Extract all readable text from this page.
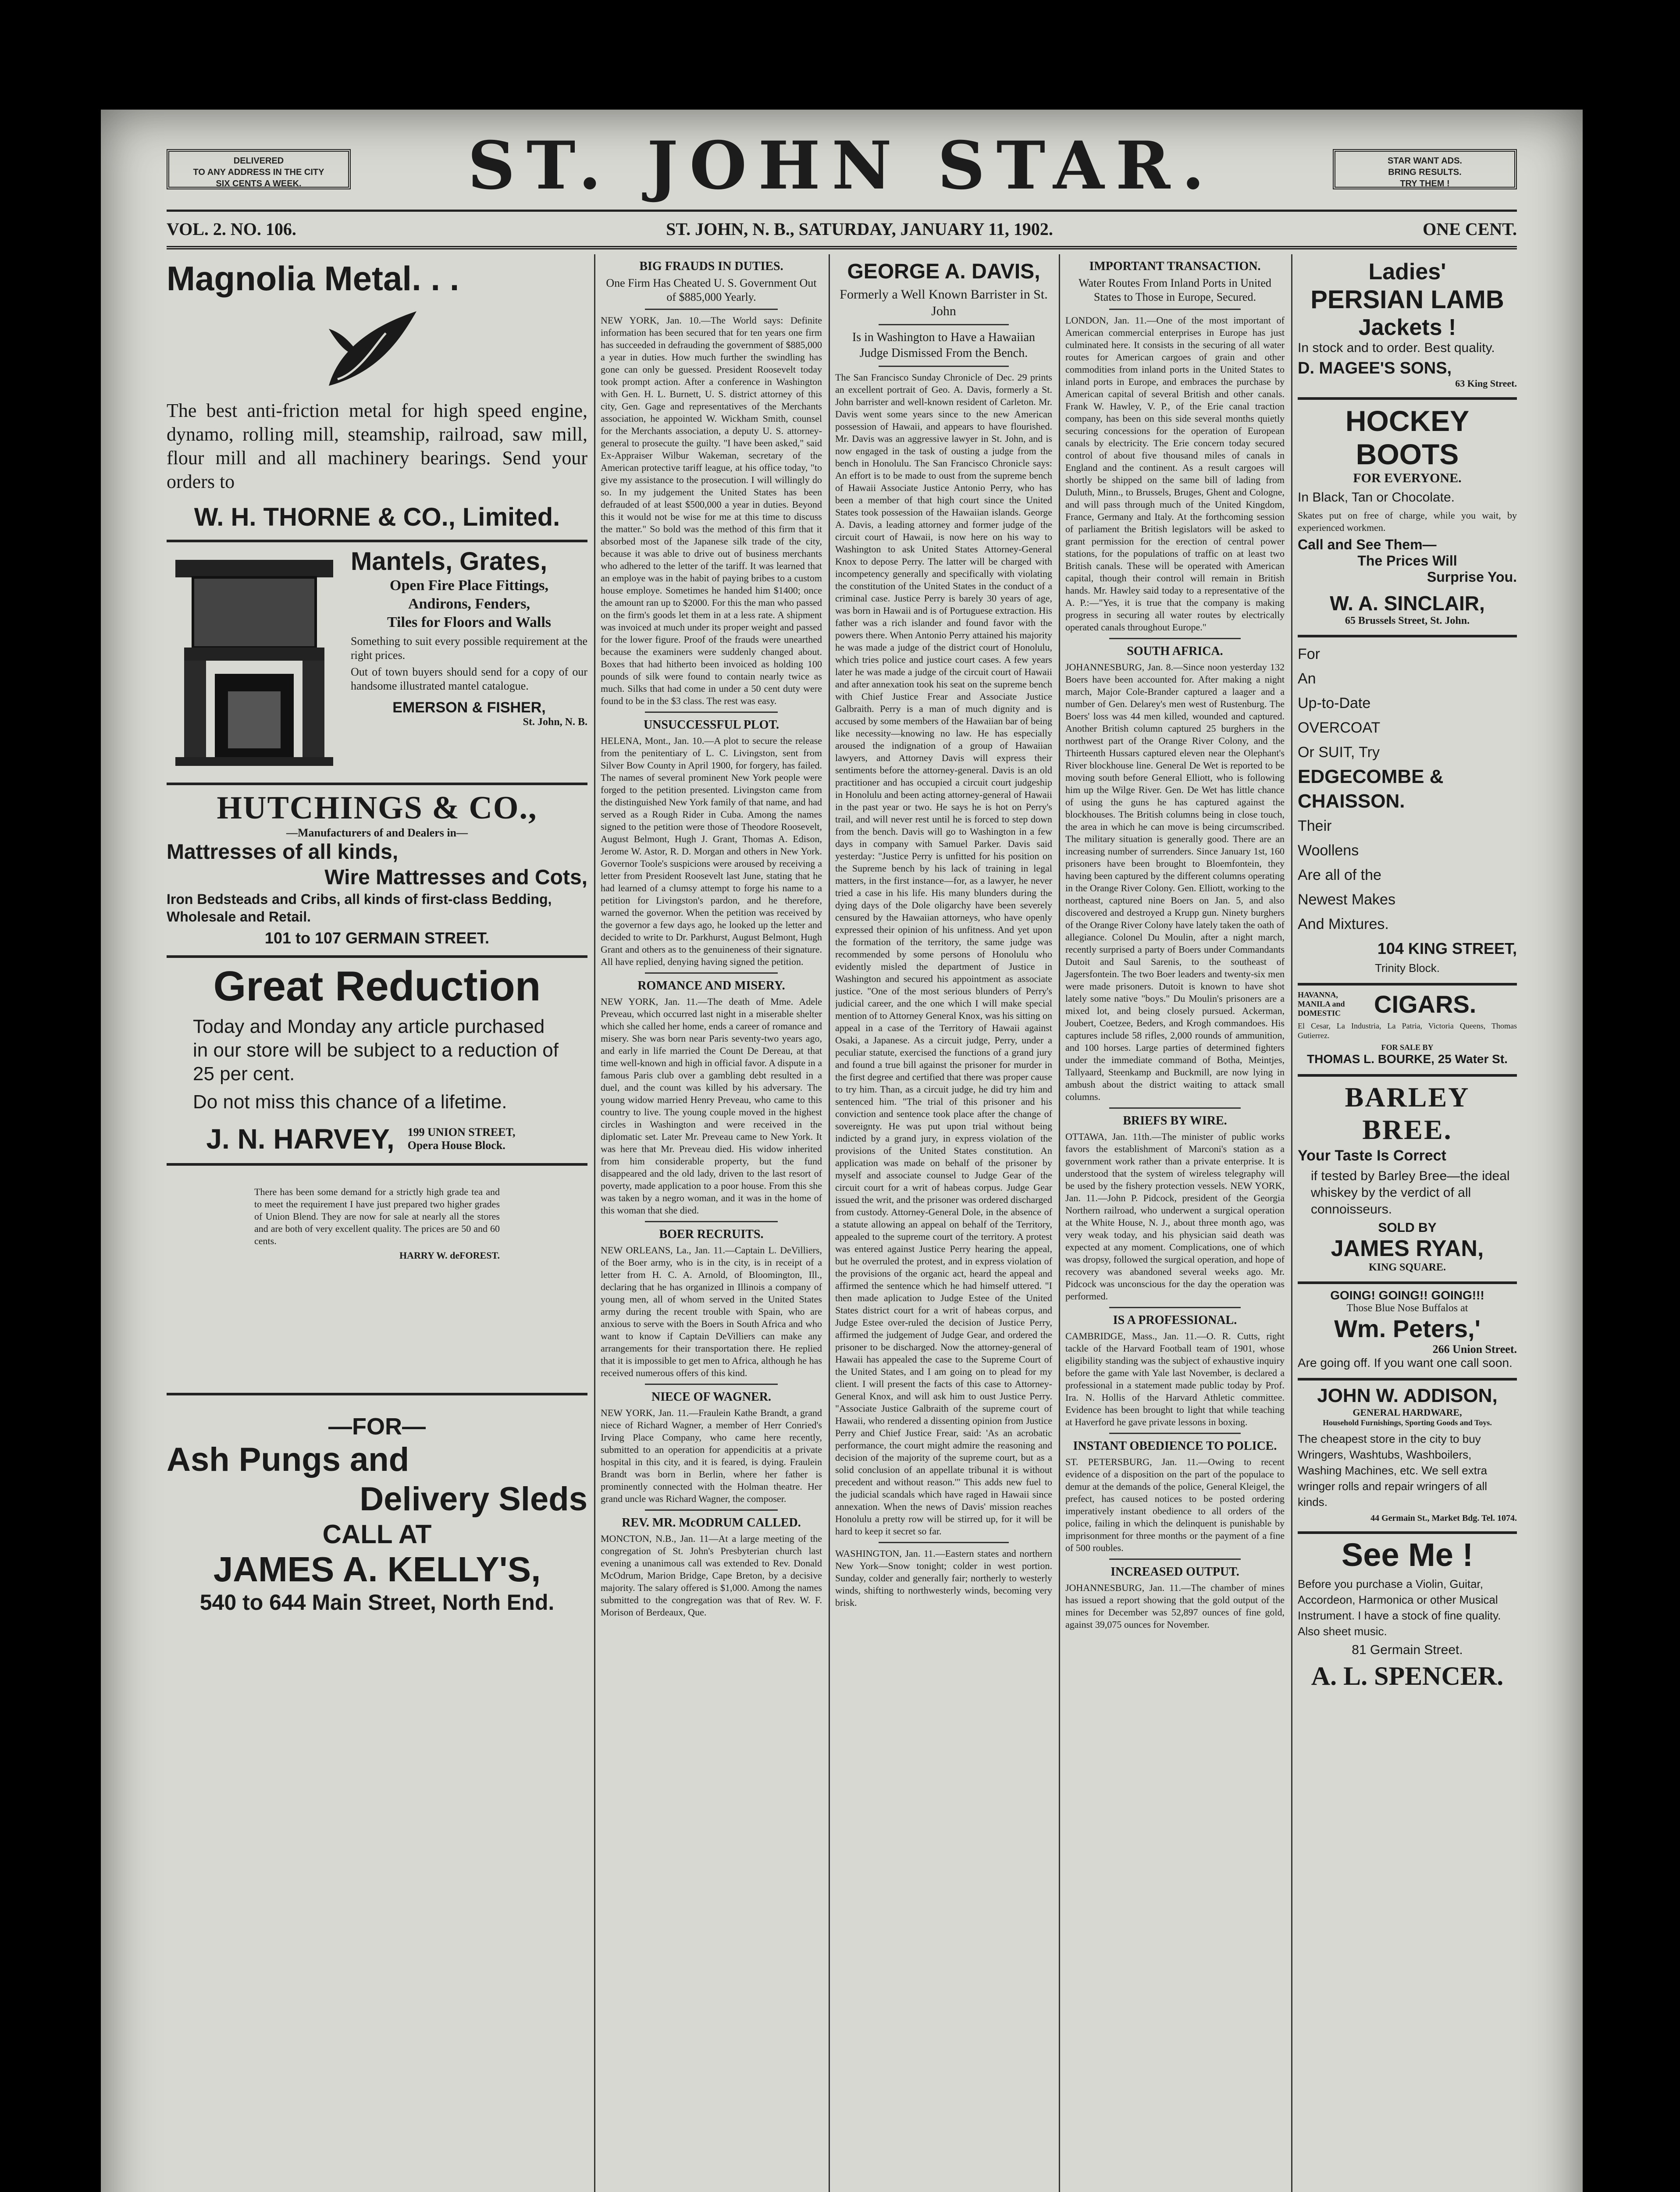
DELIVERED
TO ANY ADDRESS IN THE CITY
SIX CENTS A WEEK.	ST. JOHN STAR.	STAR WANT ADS.
BRING RESULTS.
TRY THEM !
VOL. 2. NO. 106.	ST. JOHN, N. B., SATURDAY, JANUARY 11, 1902.	ONE CENT.
Magnolia Metal. . .
The best anti-friction metal for high speed engine, dynamo, rolling mill, steamship, railroad, saw mill, flour mill and all machinery bearings. Send your orders to
W. H. THORNE & CO., Limited.
Mantels, Grates,
Open Fire Place Fittings,
Andirons, Fenders,
Tiles for Floors and Walls
Something to suit every possible requirement at the right prices.
Out of town buyers should send for a copy of our handsome illustrated mantel catalogue.
EMERSON & FISHER,
St. John, N. B.
HUTCHINGS & CO.,
—Manufacturers of and Dealers in—
Mattresses of all kinds,
Wire Mattresses and Cots,
Iron Bedsteads and Cribs, all kinds of first-class Bedding, Wholesale and Retail.
101 to 107 GERMAIN STREET.
Great Reduction
Today and Monday any article purchased in our store will be subject to a reduction of 25 per cent.
Do not miss this chance of a lifetime.
J. N. HARVEY, 199 UNION STREET, Opera House Block.
There has been some demand for a strictly high grade tea and to meet the requirement I have just prepared two higher grades of Union Blend. They are now for sale at nearly all the stores and are both of very excellent quality. The prices are 50 and 60 cents.
HARRY W. deFOREST.
—FOR—
Ash Pungs and
Delivery Sleds
CALL AT
JAMES A. KELLY'S,
540 to 644 Main Street, North End.
BIG FRAUDS IN DUTIES.
One Firm Has Cheated U. S. Government Out of $885,000 Yearly.
NEW YORK, Jan. 10.—The World says: Definite information has been secured that for ten years one firm has succeeded in defrauding the government of $885,000 a year in duties. How much further the swindling has gone can only be guessed. President Roosevelt today took prompt action. After a conference in Washington with Gen. H. L. Burnett, U. S. district attorney of this city, Gen. Gage and representatives of the Merchants association, he appointed W. Wickham Smith, counsel for the Merchants association, a deputy U. S. attorney-general to prosecute the guilty. "I have been asked," said Ex-Appraiser Wilbur Wakeman, secretary of the American protective tariff league, at his office today, "to give my assistance to the prosecution. I will willingly do so. In my judgement the United States has been defrauded of at least $500,000 a year in duties. Beyond this it would not be wise for me at this time to discuss the matter." So bold was the method of this firm that it absorbed most of the Japanese silk trade of the city, because it was able to drive out of business merchants who adhered to the letter of the tariff. It was learned that an employe was in the habit of paying bribes to a custom house employe. Sometimes he handed him $1400; once the amount ran up to $2000. For this the man who passed on the firm's goods let them in at a less rate. A shipment was invoiced at much under its proper weight and passed for the lower figure. Proof of the frauds were unearthed because the examiners were suddenly changed about. Boxes that had hitherto been invoiced as holding 100 pounds of silk were found to contain nearly twice as much. Silks that had come in under a 50 cent duty were found to be in the $3 class. The rest was easy.
UNSUCCESSFUL PLOT.
HELENA, Mont., Jan. 10.—A plot to secure the release from the penitentiary of L. C. Livingston, sent from Silver Bow County in April 1900, for forgery, has failed. The names of several prominent New York people were forged to the petition presented. Livingston came from the distinguished New York family of that name, and had served as a Rough Rider in Cuba. Among the names signed to the petition were those of Theodore Roosevelt, August Belmont, Hugh J. Grant, Thomas A. Edison, Jerome W. Astor, R. D. Morgan and others in New York. Governor Toole's suspicions were aroused by receiving a letter from President Roosevelt last June, stating that he had learned of a clumsy attempt to forge his name to a petition for Livingston's pardon, and he therefore, warned the governor. When the petition was received by the governor a few days ago, he looked up the letter and decided to write to Dr. Parkhurst, August Belmont, Hugh Grant and others as to the genuineness of their signature. All have replied, denying having signed the petition.
ROMANCE AND MISERY.
NEW YORK, Jan. 11.—The death of Mme. Adele Preveau, which occurred last night in a miserable shelter which she called her home, ends a career of romance and misery. She was born near Paris seventy-two years ago, and early in life married the Count De Dereau, at that time well-known and high in official favor. A dispute in a famous Paris club over a gambling debt resulted in a duel, and the count was killed by his adversary. The young widow married Henry Preveau, who came to this country to live. The young couple moved in the highest circles in Washington and were received in the diplomatic set. Later Mr. Preveau came to New York. It was here that Mr. Preveau died. His widow inherited from him considerable property, but the fund disappeared and the old lady, driven to the last resort of poverty, made application to a poor house. From this she was taken by a negro woman, and it was in the home of this woman that she died.
BOER RECRUITS.
NEW ORLEANS, La., Jan. 11.—Captain L. DeVilliers, of the Boer army, who is in the city, is in receipt of a letter from H. C. A. Arnold, of Bloomington, Ill., declaring that he has organized in Illinois a company of young men, all of whom served in the United States army during the recent trouble with Spain, who are anxious to serve with the Boers in South Africa and who want to know if Captain DeVilliers can make any arrangements for their transportation there. He replied that it is impossible to get men to Africa, although he has received numerous offers of this kind.
NIECE OF WAGNER.
NEW YORK, Jan. 11.—Fraulein Kathe Brandt, a grand niece of Richard Wagner, a member of Herr Conried's Irving Place Company, who came here recently, submitted to an operation for appendicitis at a private hospital in this city, and it is feared, is dying. Fraulein Brandt was born in Berlin, where her father is prominently connected with the Holman theatre. Her grand uncle was Richard Wagner, the composer.
REV. MR. McODRUM CALLED.
MONCTON, N.B., Jan. 11—At a large meeting of the congregation of St. John's Presbyterian church last evening a unanimous call was extended to Rev. Donald McOdrum, Marion Bridge, Cape Breton, by a decisive majority. The salary offered is $1,000. Among the names submitted to the congregation was that of Rev. W. F. Morison of Berdeaux, Que.
GEORGE A. DAVIS,
Formerly a Well Known Barrister in St. John
Is in Washington to Have a Hawaiian Judge Dismissed From the Bench.
The San Francisco Sunday Chronicle of Dec. 29 prints an excellent portrait of Geo. A. Davis, formerly a St. John barrister and well-known resident of Carleton. Mr. Davis went some years since to the new American possession of Hawaii, and appears to have flourished. Mr. Davis was an aggressive lawyer in St. John, and is now engaged in the task of ousting a judge from the bench in Honolulu. The San Francisco Chronicle says: An effort is to be made to oust from the supreme bench of Hawaii Associate Justice Antonio Perry, who has been a member of that high court since the United States took possession of the Hawaiian islands. George A. Davis, a leading attorney and former judge of the circuit court of Hawaii, is now here on his way to Washington to ask United States Attorney-General Knox to depose Perry. The latter will be charged with incompetency generally and specifically with violating the constitution of the United States in the conduct of a criminal case. Justice Perry is barely 30 years of age, was born in Hawaii and is of Portuguese extraction. His father was a rich islander and found favor with the powers there. When Antonio Perry attained his majority he was made a judge of the district court of Honolulu, which tries police and justice court cases. A few years later he was made a judge of the circuit court of Hawaii and after annexation took his seat on the supreme bench with Chief Justice Frear and Associate Justice Galbraith. Perry is a man of much dignity and is accused by some members of the Hawaiian bar of being like necessity—knowing no law. He has especially aroused the indignation of a group of Hawaiian lawyers, and Attorney Davis will express their sentiments before the attorney-general. Davis is an old practitioner and has occupied a circuit court judgeship in Honolulu and been acting attorney-general of Hawaii in the past year or two. He says he is hot on Perry's trail, and will never rest until he is forced to step down from the bench. Davis will go to Washington in a few days in company with Samuel Parker. Davis said yesterday: "Justice Perry is unfitted for his position on the Supreme bench by his lack of training in legal matters, in the first instance—for, as a lawyer, he never tried a case in his life. His many blunders during the dying days of the Dole oligarchy have been severely censured by the Hawaiian attorneys, who have openly expressed their opinion of his unfitness. And yet upon the formation of the territory, the same judge was recommended by some persons of Honolulu who evidently misled the department of Justice in Washington and secured his appointment as associate justice. "One of the most serious blunders of Perry's judicial career, and the one which I will make special mention of to Attorney General Knox, was his sitting on appeal in a case of the Territory of Hawaii against Osaki, a Japanese. As a circuit judge, Perry, under a peculiar statute, exercised the functions of a grand jury and found a true bill against the prisoner for murder in the first degree and certified that there was proper cause to try him. Than, as a circuit judge, he did try him and sentenced him. "The trial of this prisoner and his conviction and sentence took place after the change of sovereignty. He was put upon trial without being indicted by a grand jury, in express violation of the provisions of the United States constitution. An application was made on behalf of the prisoner by myself and associate counsel to Judge Gear of the circuit court for a writ of habeas corpus. Judge Gear issued the writ, and the prisoner was ordered discharged from custody. Attorney-General Dole, in the absence of a statute allowing an appeal on behalf of the Territory, appealed to the supreme court of the territory. A protest was entered against Justice Perry hearing the appeal, but he overruled the protest, and in express violation of the provisions of the organic act, heard the appeal and affirmed the sentence which he had himself uttered. "I then made aplication to Judge Estee of the United States district court for a writ of habeas corpus, and Judge Estee over-ruled the decision of Justice Perry, affirmed the judgement of Judge Gear, and ordered the prisoner to be discharged. Now the attorney-general of Hawaii has appealed the case to the Supreme Court of the United States, and I am going on to plead for my client. I will present the facts of this case to Attorney-General Knox, and will ask him to oust Justice Perry. "Associate Justice Galbraith of the supreme court of Hawaii, who rendered a dissenting opinion from Justice Perry and Chief Justice Frear, said: 'As an acrobatic performance, the court might admire the reasoning and decision of the majority of the supreme court, but as a solid conclusion of an appellate tribunal it is without precedent and without reason.'" This adds new fuel to the judicial scandals which have raged in Hawaii since annexation. When the news of Davis' mission reaches Honolulu a pretty row will be stirred up, for it will be hard to keep it secret so far.
WASHINGTON, Jan. 11.—Eastern states and northern New York—Snow tonight; colder in west portion. Sunday, colder and generally fair; northerly to westerly winds, shifting to northwesterly winds, becoming very brisk.
IMPORTANT TRANSACTION.
Water Routes From Inland Ports in United States to Those in Europe, Secured.
LONDON, Jan. 11.—One of the most important of American commercial enterprises in Europe has just culminated here. It consists in the securing of all water routes for American cargoes of grain and other commodities from inland ports in the United States to inland ports in Europe, and embraces the purchase by American capital of several British and other canals. Frank W. Hawley, V. P., of the Erie canal traction company, has been on this side several months quietly securing concessions for the operation of European canals by electricity. The Erie concern today secured control of about five thousand miles of canals in England and the continent. As a result cargoes will shortly be shipped on the same bill of lading from Duluth, Minn., to Brussels, Bruges, Ghent and Cologne, and will pass through much of the United Kingdom, France, Germany and Italy. At the forthcoming session of parliament the British legislators will be asked to grant permission for the erection of central power stations, for the populations of traffic on at least two British canals. These will be operated with American capital, though their control will remain in British hands. Mr. Hawley said today to a representative of the A. P.:—"Yes, it is true that the company is making progress in securing all water routes by electrically operated canals throughout Europe."
SOUTH AFRICA.
JOHANNESBURG, Jan. 8.—Since noon yesterday 132 Boers have been accounted for. After making a night march, Major Cole-Brander captured a laager and a number of Gen. Delarey's men west of Rustenburg. The Boers' loss was 44 men killed, wounded and captured. Another British column captured 25 burghers in the northwest part of the Orange River Colony, and the Thirteenth Hussars captured eleven near the Olephant's River blockhouse line. General De Wet is reported to be moving south before General Elliott, who is following him up the Wilge River. Gen. De Wet has little chance of using the guns he has captured against the blockhouses. The British columns being in close touch, the area in which he can move is being circumscribed. The military situation is generally good. There are an increasing number of surrenders. Since January 1st, 160 prisoners have been brought to Bloemfontein, they having been captured by the different columns operating in the Orange River Colony. Gen. Elliott, working to the northeast, captured nine Boers on Jan. 5, and also discovered and destroyed a Krupp gun. Ninety burghers of the Orange River Colony have lately taken the oath of allegiance. Colonel Du Moulin, after a night march, recently surprised a party of Boers under Commandants Dutoit and Saul Sarenis, to the southeast of Jagersfontein. The two Boer leaders and twenty-six men were made prisoners. Dutoit is known to have shot lately some native "boys." Du Moulin's prisoners are a mixed lot, and being closely pursued. Ackerman, Joubert, Coetzee, Beders, and Krogh commandoes. His captures include 58 rifles, 2,000 rounds of ammunition, and 100 horses. Large parties of determined fighters under the immediate command of Botha, Meintjes, Tallyaard, Steenkamp and Buckmill, are now lying in ambush about the district waiting to attack small columns.
BRIEFS BY WIRE.
OTTAWA, Jan. 11th.—The minister of public works favors the establishment of Marconi's station as a government work rather than a private enterprise. It is understood that the system of wireless telegraphy will be used by the fishery protection vessels. NEW YORK, Jan. 11.—John P. Pidcock, president of the Georgia Northern railroad, who underwent a surgical operation at the White House, N. J., about three month ago, was very weak today, and his physician said death was expected at any moment. Complications, one of which was dropsy, followed the surgical operation, and hope of recovery was abandoned several weeks ago. Mr. Pidcock was unconscious for the day the operation was performed.
IS A PROFESSIONAL.
CAMBRIDGE, Mass., Jan. 11.—O. R. Cutts, right tackle of the Harvard Football team of 1901, whose eligibility standing was the subject of exhaustive inquiry before the game with Yale last November, is declared a professional in a statement made public today by Prof. Ira. N. Hollis of the Harvard Athletic committee. Evidence has been brought to light that while teaching at Haverford he gave private lessons in boxing.
INSTANT OBEDIENCE TO POLICE.
ST. PETERSBURG, Jan. 11.—Owing to recent evidence of a disposition on the part of the populace to demur at the demands of the police, General Kleigel, the prefect, has caused notices to be posted ordering imperatively instant obedience to all orders of the police, failing in which the delinquent is punishable by imprisonment for three months or the payment of a fine of 500 roubles.
INCREASED OUTPUT.
JOHANNESBURG, Jan. 11.—The chamber of mines has issued a report showing that the gold output of the mines for December was 52,897 ounces of fine gold, against 39,075 ounces for November.
Ladies'
PERSIAN LAMB
Jackets !
In stock and to order. Best quality.
D. MAGEE'S SONS,
63 King Street.
HOCKEY BOOTS
FOR EVERYONE.
In Black, Tan or Chocolate.
Skates put on free of charge, while you wait, by experienced workmen.
Call and See Them—
The Prices Will
Surprise You.
W. A. SINCLAIR,
65 Brussels Street, St. John.
For
An
Up-to-Date
OVERCOAT
Or SUIT, Try
EDGECOMBE &
CHAISSON.
Their
Woollens
Are all of the
Newest Makes
And Mixtures.
104 KING STREET,
Trinity Block.
HAVANNA, MANILA and DOMESTIC	CIGARS.
El Cesar, La Industria, La Patria, Victoria Queens, Thomas Gutierrez.
FOR SALE BY
THOMAS L. BOURKE, 25 Water St.
BARLEY BREE.
Your Taste Is Correct
if tested by Barley Bree—the ideal whiskey by the verdict of all connoisseurs.
SOLD BY
JAMES RYAN,
KING SQUARE.
GOING! GOING!! GOING!!!
Those Blue Nose Buffalos at
Wm. Peters,'
266 Union Street.
Are going off. If you want one call soon.
JOHN W. ADDISON,
GENERAL HARDWARE,
Household Furnishings, Sporting Goods and Toys.
The cheapest store in the city to buy Wringers, Washtubs, Washboilers, Washing Machines, etc. We sell extra wringer rolls and repair wringers of all kinds.
44 Germain St., Market Bdg. Tel. 1074.
See Me !
Before you purchase a Violin, Guitar, Accordeon, Harmonica or other Musical Instrument. I have a stock of fine quality. Also sheet music.
81 Germain Street.
A. L. SPENCER.
